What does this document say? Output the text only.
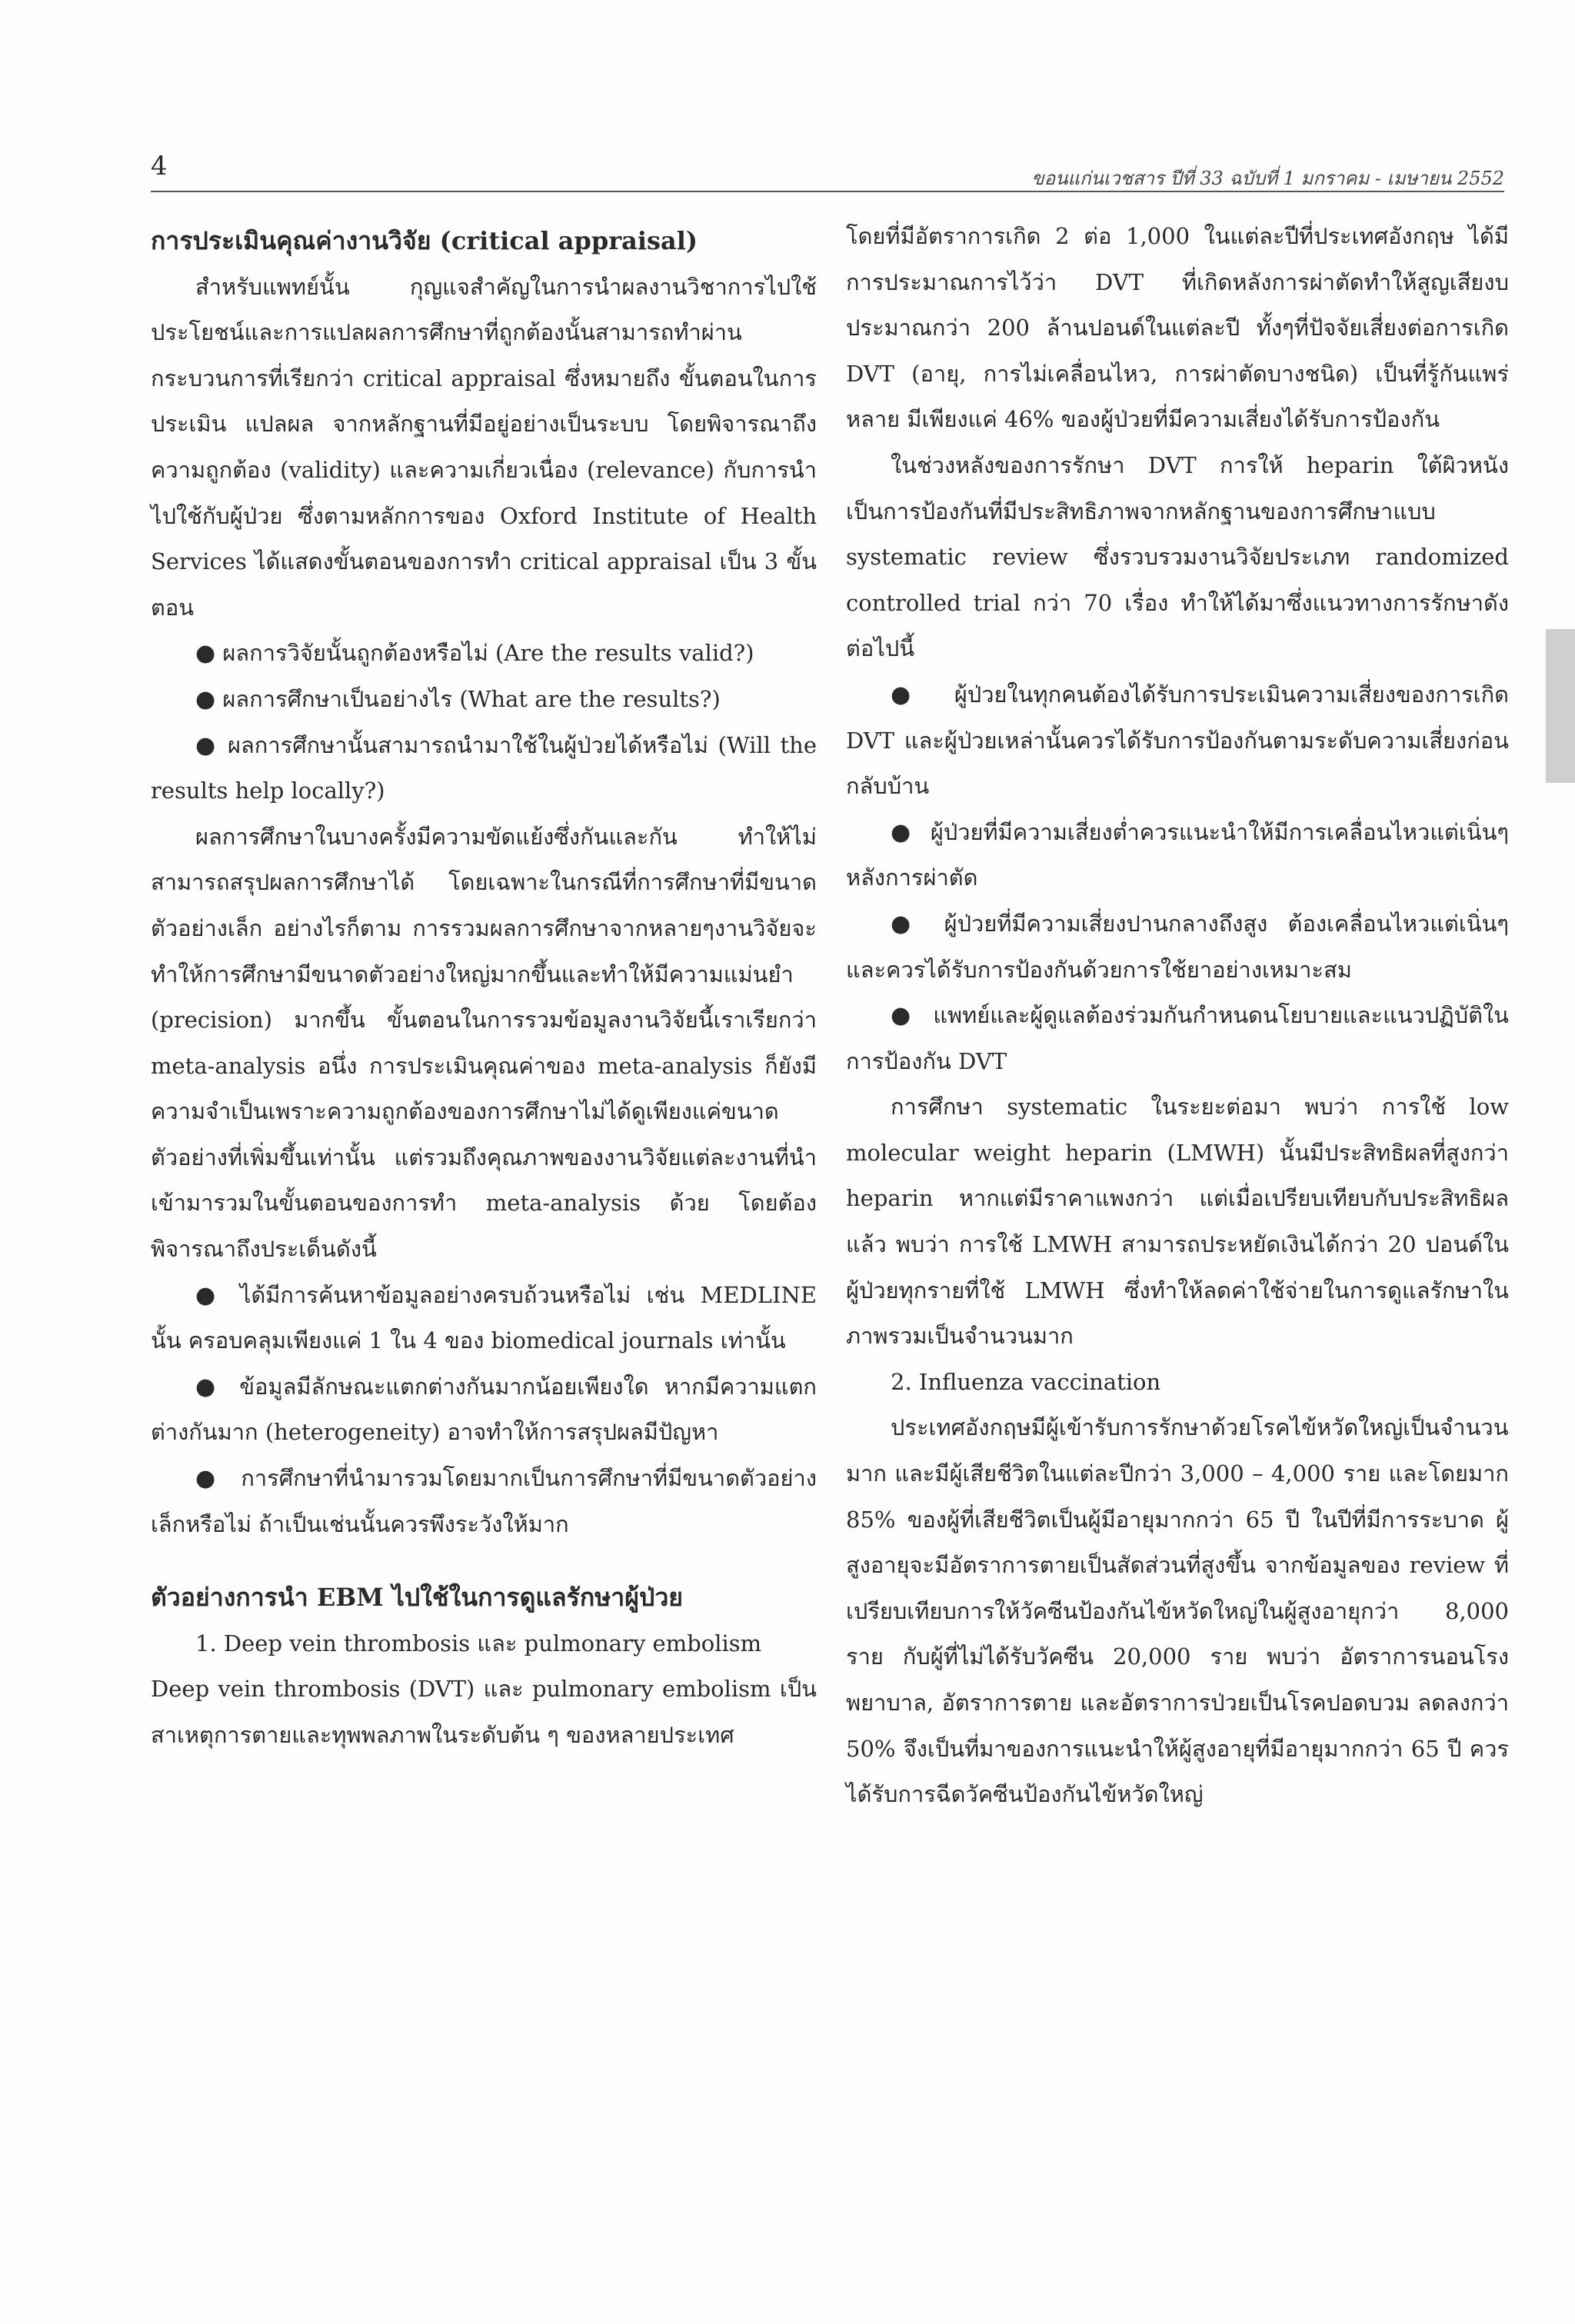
4	ขอนแก่นเวชสาร ปีที่ 33 ฉบับที่ 1 มกราคม - เมษายน 2552

การประเมินคุณค่างานวิจัย (critical appraisal)

สำหรับแพทย์นั้น กุญแจสำคัญในการนำผลงานวิชาการไปใช้ประโยชน์และการแปลผลการศึกษาที่ถูกต้องนั้นสามารถทำผ่านกระบวนการที่เรียกว่า critical appraisal ซึ่งหมายถึง ขั้นตอนในการประเมิน แปลผล จากหลักฐานที่มีอยู่อย่างเป็นระบบ โดยพิจารณาถึงความถูกต้อง (validity) และความเกี่ยวเนื่อง (relevance) กับการนำไปใช้กับผู้ป่วย ซึ่งตามหลักการของ Oxford Institute of Health Services ได้แสดงขั้นตอนของการทำ critical appraisal เป็น 3 ขั้นตอน

● ผลการวิจัยนั้นถูกต้องหรือไม่ (Are the results valid?)

● ผลการศึกษาเป็นอย่างไร (What are the results?)

● ผลการศึกษานั้นสามารถนำมาใช้ในผู้ป่วยได้หรือไม่ (Will the results help locally?)

ผลการศึกษาในบางครั้งมีความขัดแย้งซึ่งกันและกัน ทำให้ไม่สามารถสรุปผลการศึกษาได้ โดยเฉพาะในกรณีที่การศึกษาที่มีขนาดตัวอย่างเล็ก อย่างไรก็ตาม การรวมผลการศึกษาจากหลายๆงานวิจัยจะทำให้การศึกษามีขนาดตัวอย่างใหญ่มากขึ้นและทำให้มีความแม่นยำ (precision) มากขึ้น ขั้นตอนในการรวมข้อมูลงานวิจัยนี้เราเรียกว่า meta-analysis อนึ่ง การประเมินคุณค่าของ meta-analysis ก็ยังมีความจำเป็นเพราะความถูกต้องของการศึกษาไม่ได้ดูเพียงแค่ขนาดตัวอย่างที่เพิ่มขึ้นเท่านั้น แต่รวมถึงคุณภาพของงานวิจัยแต่ละงานที่นำเข้ามารวมในขั้นตอนของการทำ meta-analysis ด้วย โดยต้องพิจารณาถึงประเด็นดังนี้

● ได้มีการค้นหาข้อมูลอย่างครบถ้วนหรือไม่ เช่น MEDLINE นั้น ครอบคลุมเพียงแค่ 1 ใน 4 ของ biomedical journals เท่านั้น

● ข้อมูลมีลักษณะแตกต่างกันมากน้อยเพียงใด หากมีความแตกต่างกันมาก (heterogeneity) อาจทำให้การสรุปผลมีปัญหา

● การศึกษาที่นำมารวมโดยมากเป็นการศึกษาที่มีขนาดตัวอย่างเล็กหรือไม่ ถ้าเป็นเช่นนั้นควรพึงระวังให้มาก

ตัวอย่างการนำ EBM ไปใช้ในการดูแลรักษาผู้ป่วย

1. Deep vein thrombosis และ pulmonary embolism

Deep vein thrombosis (DVT) และ pulmonary embolism เป็นสาเหตุการตายและทุพพลภาพในระดับต้น ๆ ของหลายประเทศ

โดยที่มีอัตราการเกิด 2 ต่อ 1,000 ในแต่ละปีที่ประเทศอังกฤษ ได้มีการประมาณการไว้ว่า DVT ที่เกิดหลังการผ่าตัดทำให้สูญเสียงบประมาณกว่า 200 ล้านปอนด์ในแต่ละปี ทั้งๆที่ปัจจัยเสี่ยงต่อการเกิด DVT (อายุ, การไม่เคลื่อนไหว, การผ่าตัดบางชนิด) เป็นที่รู้กันแพร่หลาย มีเพียงแค่ 46% ของผู้ป่วยที่มีความเสี่ยงได้รับการป้องกัน

ในช่วงหลังของการรักษา DVT การให้ heparin ใต้ผิวหนังเป็นการป้องกันที่มีประสิทธิภาพจากหลักฐานของการศึกษาแบบ systematic review ซึ่งรวบรวมงานวิจัยประเภท randomized controlled trial กว่า 70 เรื่อง ทำให้ได้มาซึ่งแนวทางการรักษาดังต่อไปนี้

● ผู้ป่วยในทุกคนต้องได้รับการประเมินความเสี่ยงของการเกิด DVT และผู้ป่วยเหล่านั้นควรได้รับการป้องกันตามระดับความเสี่ยงก่อนกลับบ้าน

● ผู้ป่วยที่มีความเสี่ยงต่ำควรแนะนำให้มีการเคลื่อนไหวแต่เนิ่นๆหลังการผ่าตัด

● ผู้ป่วยที่มีความเสี่ยงปานกลางถึงสูง ต้องเคลื่อนไหวแต่เนิ่นๆและควรได้รับการป้องกันด้วยการใช้ยาอย่างเหมาะสม

● แพทย์และผู้ดูแลต้องร่วมกันกำหนดนโยบายและแนวปฏิบัติในการป้องกัน DVT

การศึกษา systematic ในระยะต่อมา พบว่า การใช้ low molecular weight heparin (LMWH) นั้นมีประสิทธิผลที่สูงกว่า heparin หากแต่มีราคาแพงกว่า แต่เมื่อเปรียบเทียบกับประสิทธิผลแล้ว พบว่า การใช้ LMWH สามารถประหยัดเงินได้กว่า 20 ปอนด์ในผู้ป่วยทุกรายที่ใช้ LMWH ซึ่งทำให้ลดค่าใช้จ่ายในการดูแลรักษาในภาพรวมเป็นจำนวนมาก

2. Influenza vaccination

ประเทศอังกฤษมีผู้เข้ารับการรักษาด้วยโรคไข้หวัดใหญ่เป็นจำนวนมาก และมีผู้เสียชีวิตในแต่ละปีกว่า 3,000 – 4,000 ราย และโดยมาก 85% ของผู้ที่เสียชีวิตเป็นผู้มีอายุมากกว่า 65 ปี ในปีที่มีการระบาด ผู้สูงอายุจะมีอัตราการตายเป็นสัดส่วนที่สูงขึ้น จากข้อมูลของ review ที่เปรียบเทียบการให้วัคซีนป้องกันไข้หวัดใหญ่ในผู้สูงอายุกว่า 8,000 ราย กับผู้ที่ไม่ได้รับวัคซีน 20,000 ราย พบว่า อัตราการนอนโรงพยาบาล, อัตราการตาย และอัตราการป่วยเป็นโรคปอดบวม ลดลงกว่า 50% จึงเป็นที่มาของการแนะนำให้ผู้สูงอายุที่มีอายุมากกว่า 65 ปี ควรได้รับการฉีดวัคซีนป้องกันไข้หวัดใหญ่
